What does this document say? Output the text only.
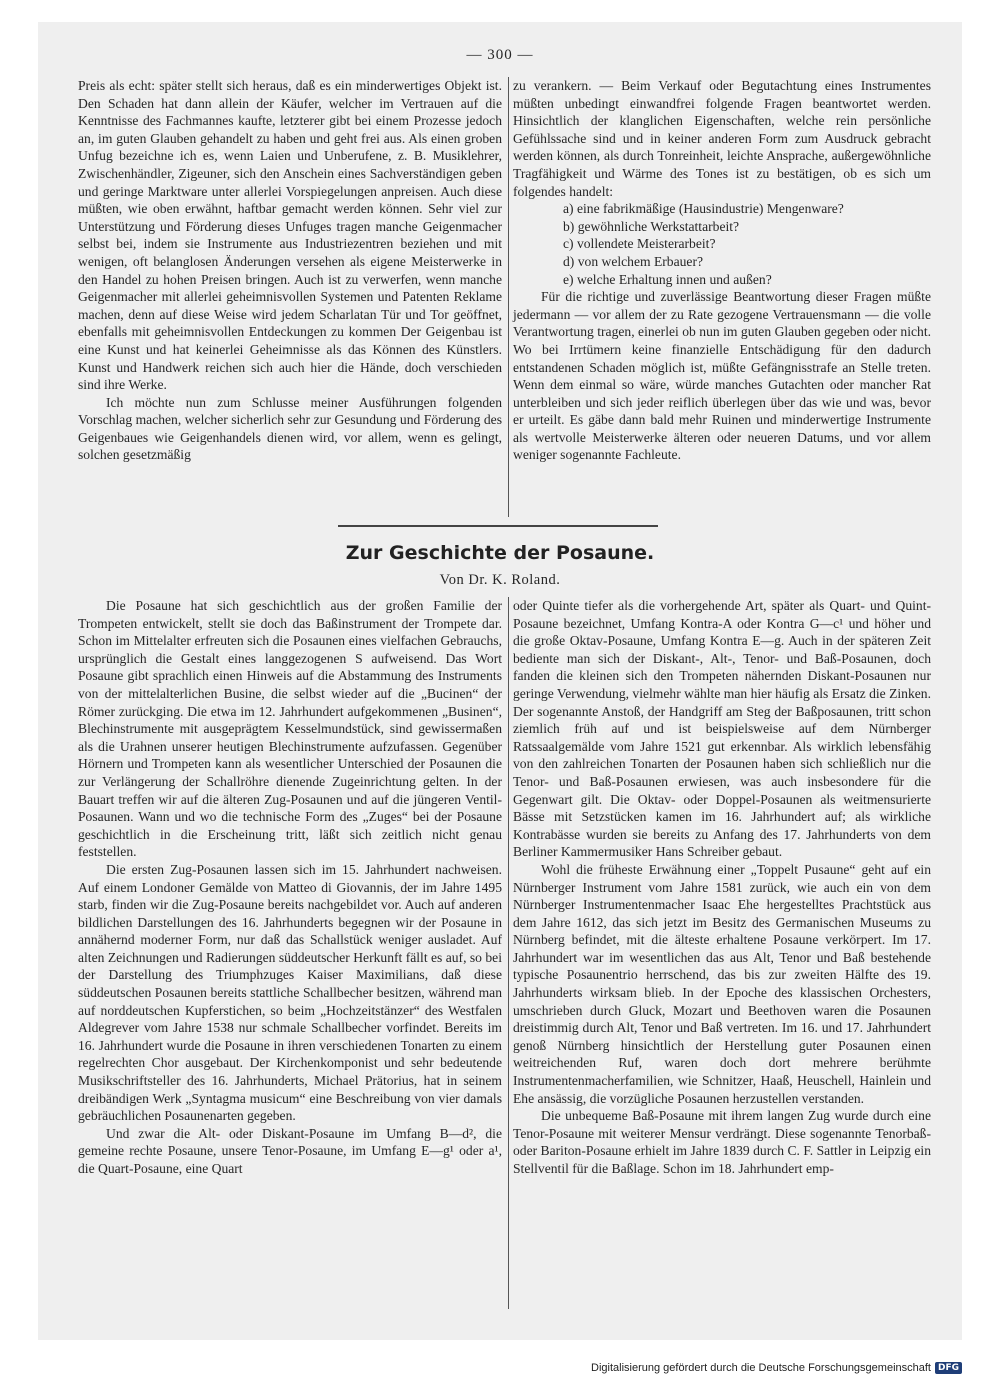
— 300 —

Preis als echt: später stellt sich heraus, daß es ein minderwertiges Objekt ist. Den Schaden hat dann allein der Käufer, welcher im Vertrauen auf die Kenntnisse des Fachmannes kaufte, letzterer gibt bei einem Prozesse jedoch an, im guten Glauben gehandelt zu haben und geht frei aus. Als einen groben Unfug bezeichne ich es, wenn Laien und Unberufene, z. B. Musiklehrer, Zwischenhändler, Zigeuner, sich den Anschein eines Sachverständigen geben und geringe Marktware unter allerlei Vorspiegelungen anpreisen. Auch diese müßten, wie oben erwähnt, haftbar gemacht werden können. Sehr viel zur Unterstützung und Förderung dieses Unfuges tragen manche Geigenmacher selbst bei, indem sie Instrumente aus Industriezentren beziehen und mit wenigen, oft belanglosen Änderungen versehen als eigene Meisterwerke in den Handel zu hohen Preisen bringen. Auch ist zu verwerfen, wenn manche Geigenmacher mit allerlei geheimnisvollen Systemen und Patenten Reklame machen, denn auf diese Weise wird jedem Scharlatan Tür und Tor geöffnet, ebenfalls mit geheimnisvollen Entdeckungen zu kommen Der Geigenbau ist eine Kunst und hat keinerlei Geheimnisse als das Können des Künstlers. Kunst und Handwerk reichen sich auch hier die Hände, doch verschieden sind ihre Werke.

Ich möchte nun zum Schlusse meiner Ausführungen folgenden Vorschlag machen, welcher sicherlich sehr zur Gesundung und Förderung des Geigenbaues wie Geigenhandels dienen wird, vor allem, wenn es gelingt, solchen gesetzmäßig

zu verankern. — Beim Verkauf oder Begutachtung eines Instrumentes müßten unbedingt einwandfrei folgende Fragen beantwortet werden. Hinsichtlich der klanglichen Eigenschaften, welche rein persönliche Gefühlssache sind und in keiner anderen Form zum Ausdruck gebracht werden können, als durch Tonreinheit, leichte Ansprache, außergewöhnliche Tragfähigkeit und Wärme des Tones ist zu bestätigen, ob es sich um folgendes handelt:

a) eine fabrikmäßige (Hausindustrie) Mengenware?
b) gewöhnliche Werkstattarbeit?
c) vollendete Meisterarbeit?
d) von welchem Erbauer?
e) welche Erhaltung innen und außen?

Für die richtige und zuverlässige Beantwortung dieser Fragen müßte jedermann — vor allem der zu Rate gezogene Vertrauensmann — die volle Verantwortung tragen, einerlei ob nun im guten Glauben gegeben oder nicht. Wo bei Irrtümern keine finanzielle Entschädigung für den dadurch entstandenen Schaden möglich ist, müßte Gefängnisstrafe an Stelle treten. Wenn dem einmal so wäre, würde manches Gutachten oder mancher Rat unterbleiben und sich jeder reiflich überlegen über das wie und was, bevor er urteilt. Es gäbe dann bald mehr Ruinen und minderwertige Instrumente als wertvolle Meisterwerke älteren oder neueren Datums, und vor allem weniger sogenannte Fachleute.

Zur Geschichte der Posaune.
Von Dr. K. Roland.

Die Posaune hat sich geschichtlich aus der großen Familie der Trompeten entwickelt, stellt sie doch das Baßinstrument der Trompete dar. Schon im Mittelalter erfreuten sich die Posaunen eines vielfachen Gebrauchs, ursprünglich die Gestalt eines langgezogenen S aufweisend. Das Wort Posaune gibt sprachlich einen Hinweis auf die Abstammung des Instruments von der mittelalterlichen Busine, die selbst wieder auf die „Bucinen“ der Römer zurückging. Die etwa im 12. Jahrhundert aufgekommenen „Businen“, Blechinstrumente mit ausgeprägtem Kesselmundstück, sind gewissermaßen als die Urahnen unserer heutigen Blechinstrumente aufzufassen. Gegenüber Hörnern und Trompeten kann als wesentlicher Unterschied der Posaunen die zur Verlängerung der Schallröhre dienende Zugeinrichtung gelten. In der Bauart treffen wir auf die älteren Zug-Posaunen und auf die jüngeren Ventil-Posaunen. Wann und wo die technische Form des „Zuges“ bei der Posaune geschichtlich in die Erscheinung tritt, läßt sich zeitlich nicht genau feststellen.

Die ersten Zug-Posaunen lassen sich im 15. Jahrhundert nachweisen. Auf einem Londoner Gemälde von Matteo di Giovannis, der im Jahre 1495 starb, finden wir die Zug-Posaune bereits nachgebildet vor. Auch auf anderen bildlichen Darstellungen des 16. Jahrhunderts begegnen wir der Posaune in annähernd moderner Form, nur daß das Schallstück weniger ausladet. Auf alten Zeichnungen und Radierungen süddeutscher Herkunft fällt es auf, so bei der Darstellung des Triumphzuges Kaiser Maximilians, daß diese süddeutschen Posaunen bereits stattliche Schallbecher besitzen, während man auf norddeutschen Kupferstichen, so beim „Hochzeitstänzer“ des Westfalen Aldegrever vom Jahre 1538 nur schmale Schallbecher vorfindet. Bereits im 16. Jahrhundert wurde die Posaune in ihren verschiedenen Tonarten zu einem regelrechten Chor ausgebaut. Der Kirchenkomponist und sehr bedeutende Musikschriftsteller des 16. Jahrhunderts, Michael Prätorius, hat in seinem dreibändigen Werk „Syntagma musicum“ eine Beschreibung von vier damals gebräuchlichen Posaunenarten gegeben.

Und zwar die Alt- oder Diskant-Posaune im Umfang B—d², die gemeine rechte Posaune, unsere Tenor-Posaune, im Umfang E—g¹ oder a¹, die Quart-Posaune, eine Quart

oder Quinte tiefer als die vorhergehende Art, später als Quart- und Quint-Posaune bezeichnet, Umfang Kontra-A oder Kontra G—c¹ und höher und die große Oktav-Posaune, Umfang Kontra E—g. Auch in der späteren Zeit bediente man sich der Diskant-, Alt-, Tenor- und Baß-Posaunen, doch fanden die kleinen sich den Trompeten nähernden Diskant-Posaunen nur geringe Verwendung, vielmehr wählte man hier häufig als Ersatz die Zinken. Der sogenannte Anstoß, der Handgriff am Steg der Baßposaunen, tritt schon ziemlich früh auf und ist beispielsweise auf dem Nürnberger Ratssaalgemälde vom Jahre 1521 gut erkennbar. Als wirklich lebensfähig von den zahlreichen Tonarten der Posaunen haben sich schließlich nur die Tenor- und Baß-Posaunen erwiesen, was auch insbesondere für die Gegenwart gilt. Die Oktav- oder Doppel-Posaunen als weitmensurierte Bässe mit Setzstücken kamen im 16. Jahrhundert auf; als wirkliche Kontrabässe wurden sie bereits zu Anfang des 17. Jahrhunderts von dem Berliner Kammermusiker Hans Schreiber gebaut.

Wohl die früheste Erwähnung einer „Toppelt Pusaune“ geht auf ein Nürnberger Instrument vom Jahre 1581 zurück, wie auch ein von dem Nürnberger Instrumentenmacher Isaac Ehe hergestelltes Prachtstück aus dem Jahre 1612, das sich jetzt im Besitz des Germanischen Museums zu Nürnberg befindet, mit die älteste erhaltene Posaune verkörpert. Im 17. Jahrhundert war im wesentlichen das aus Alt, Tenor und Baß bestehende typische Posaunentrio herrschend, das bis zur zweiten Hälfte des 19. Jahrhunderts wirksam blieb. In der Epoche des klassischen Orchesters, umschrieben durch Gluck, Mozart und Beethoven waren die Posaunen dreistimmig durch Alt, Tenor und Baß vertreten. Im 16. und 17. Jahrhundert genoß Nürnberg hinsichtlich der Herstellung guter Posaunen einen weitreichenden Ruf, waren doch dort mehrere berühmte Instrumentenmacherfamilien, wie Schnitzer, Haaß, Heuschell, Hainlein und Ehe ansässig, die vorzügliche Posaunen herzustellen verstanden.

Die unbequeme Baß-Posaune mit ihrem langen Zug wurde durch eine Tenor-Posaune mit weiterer Mensur verdrängt. Diese sogenannte Tenorbaß- oder Bariton-Posaune erhielt im Jahre 1839 durch C. F. Sattler in Leipzig ein Stellventil für die Baßlage. Schon im 18. Jahrhundert emp-

Digitalisierung gefördert durch die Deutsche Forschungsgemeinschaft DFG
